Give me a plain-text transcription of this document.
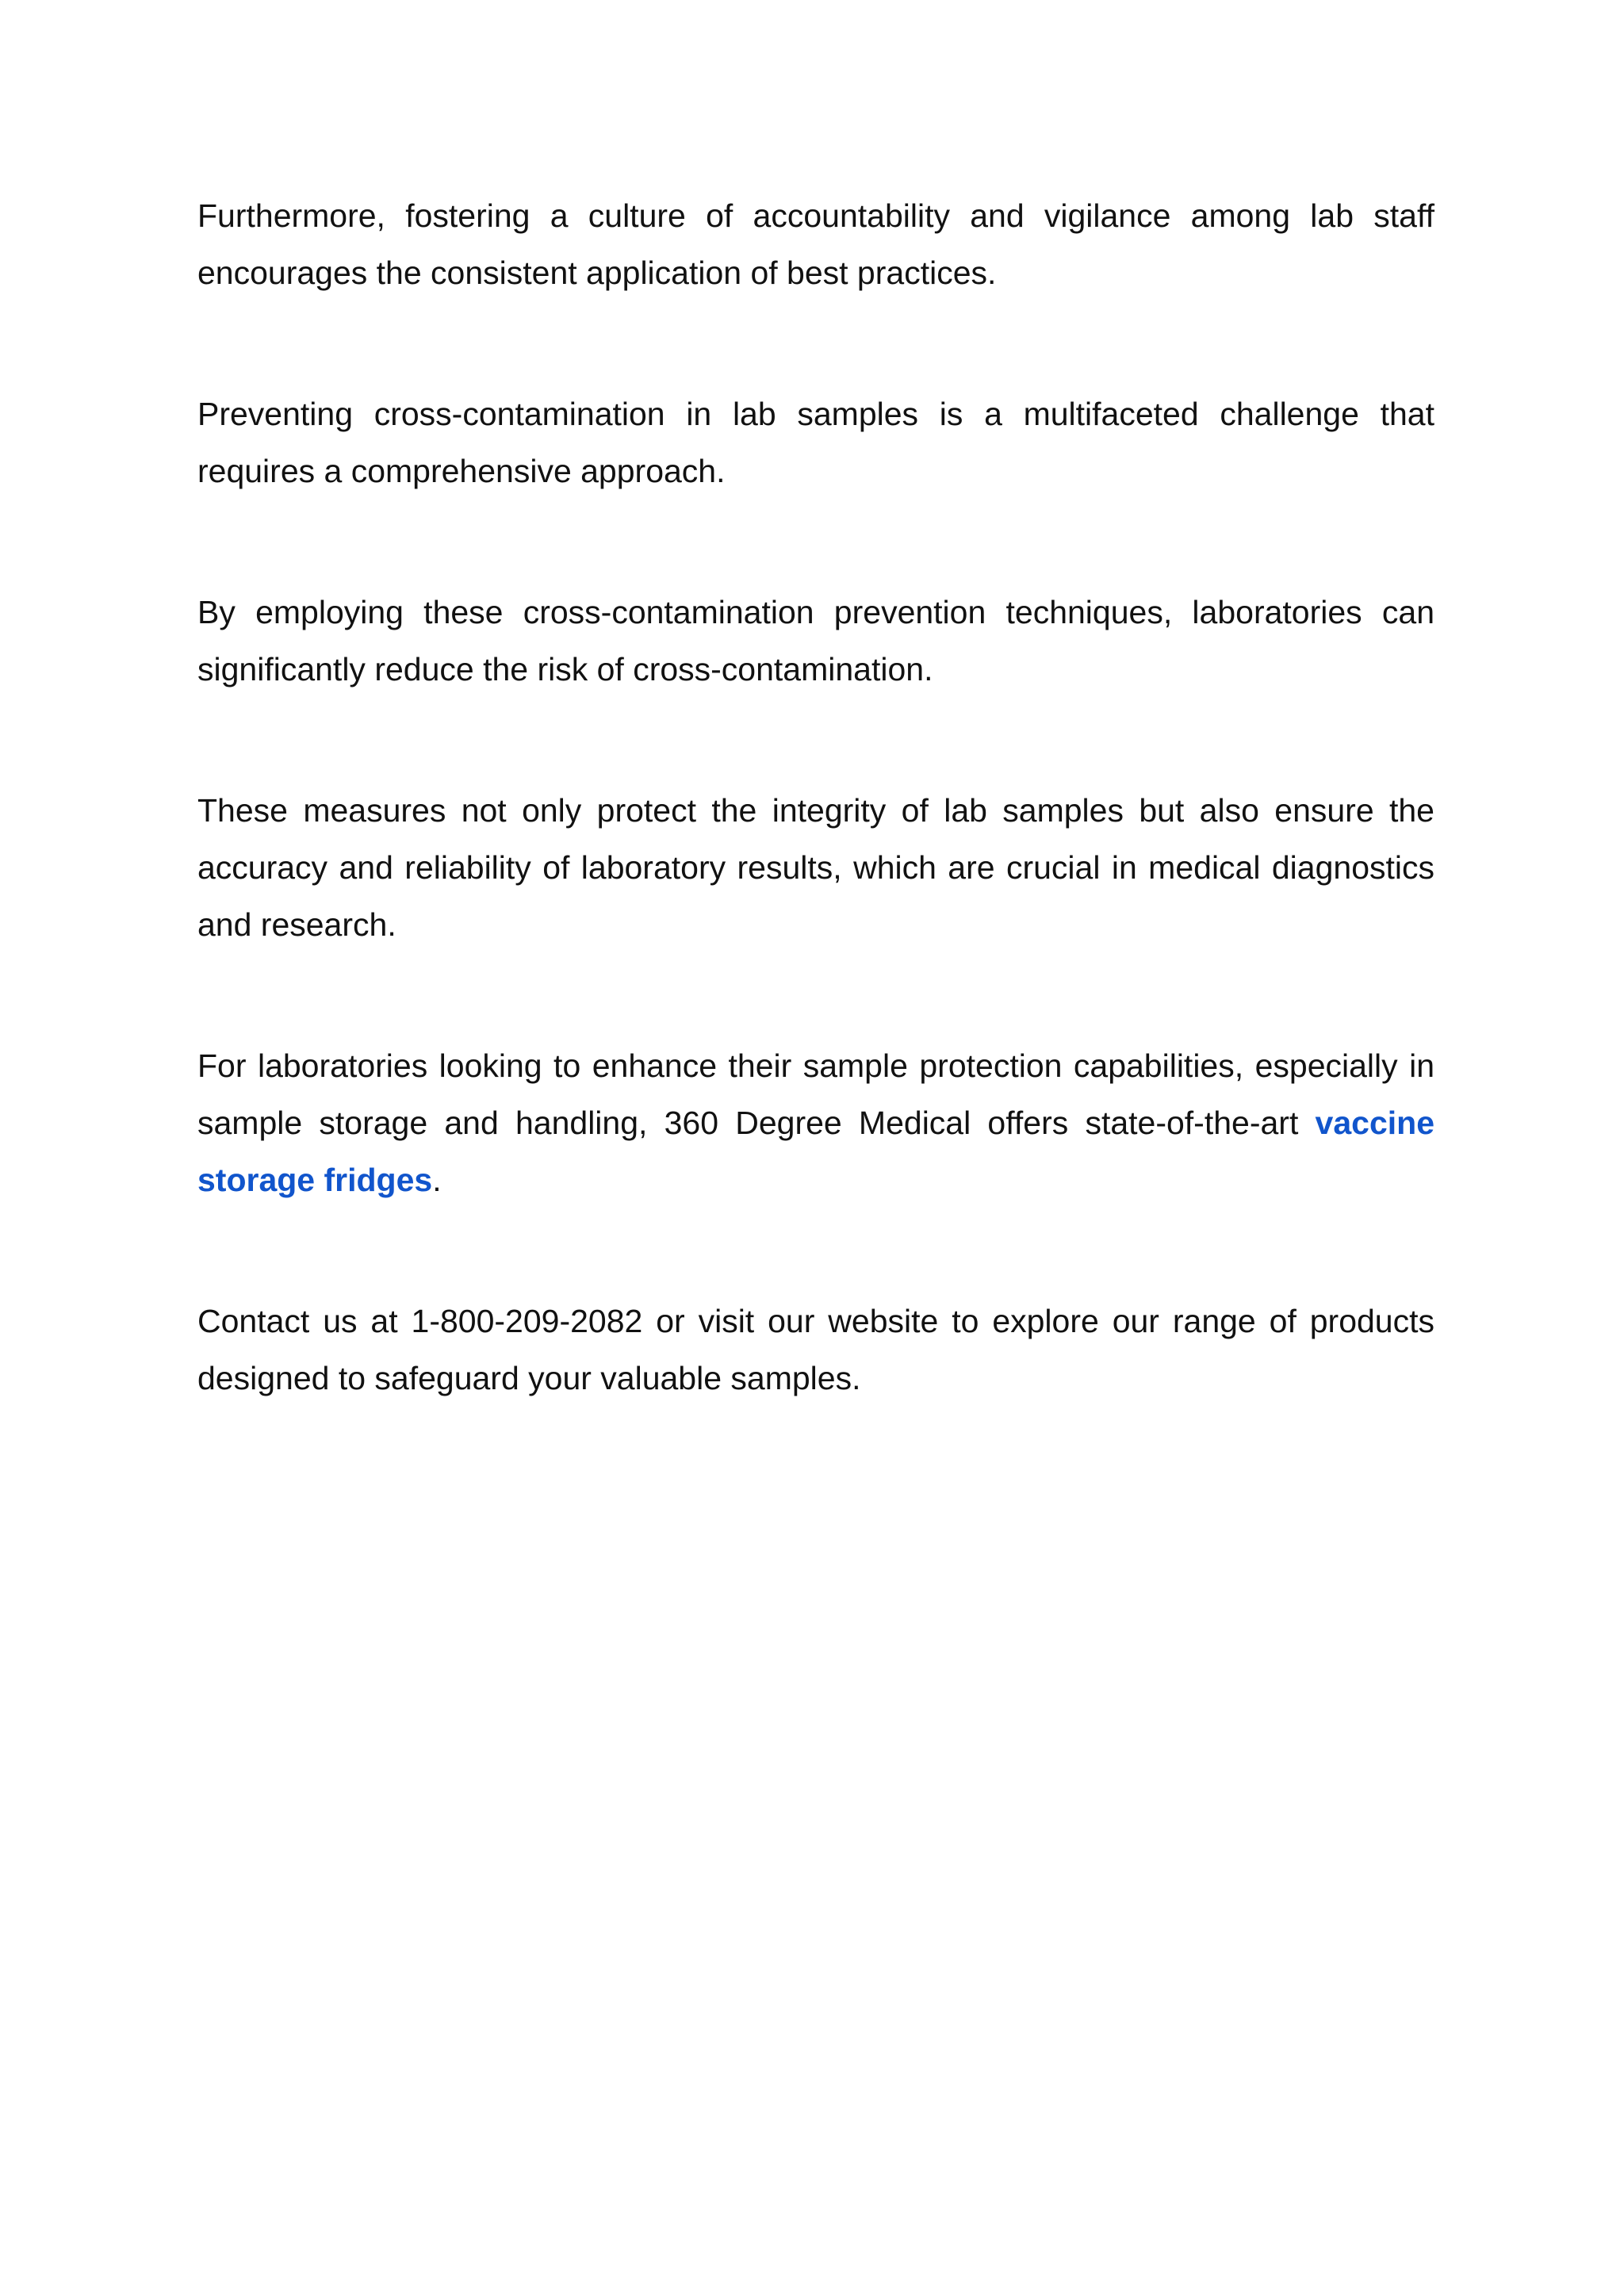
Furthermore, fostering a culture of accountability and vigilance among lab staff encourages the consistent application of best practices.

Preventing cross-contamination in lab samples is a multifaceted challenge that requires a comprehensive approach.

By employing these cross-contamination prevention techniques, laboratories can significantly reduce the risk of cross-contamination.

These measures not only protect the integrity of lab samples but also ensure the accuracy and reliability of laboratory results, which are crucial in medical diagnostics and research.

For laboratories looking to enhance their sample protection capabilities, especially in sample storage and handling, 360 Degree Medical offers state-of-the-art vaccine storage fridges.

Contact us at 1-800-209-2082 or visit our website to explore our range of products designed to safeguard your valuable samples.
